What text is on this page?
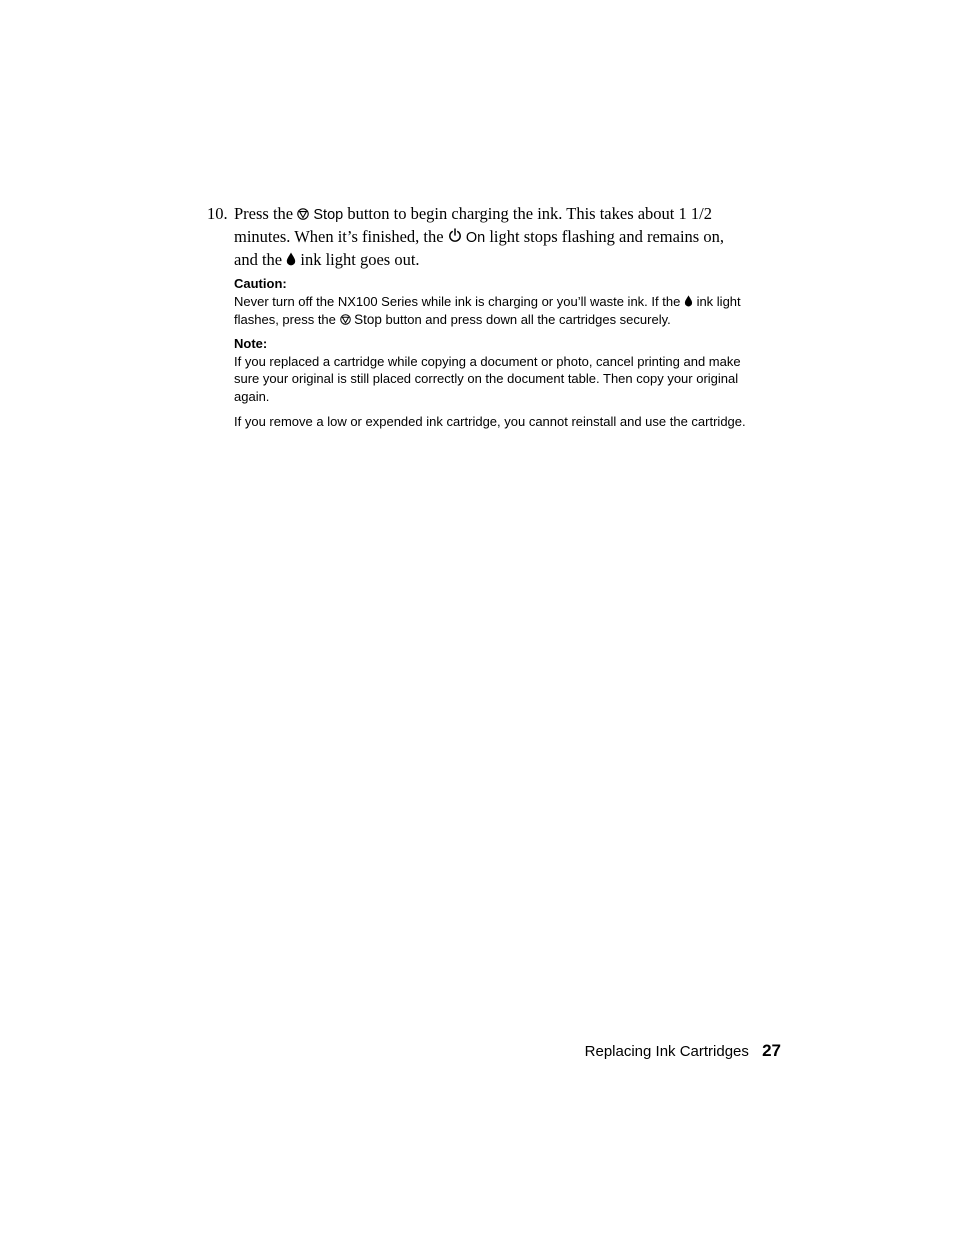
10. Press the Stop button to begin charging the ink. This takes about 1 1/2 minutes. When it’s finished, the On light stops flashing and remains on, and the ink light goes out.

Caution:

Never turn off the NX100 Series while ink is charging or you’ll waste ink. If the ink light flashes, press the Stop button and press down all the cartridges securely.

Note:

If you replaced a cartridge while copying a document or photo, cancel printing and make sure your original is still placed correctly on the document table. Then copy your original again.

If you remove a low or expended ink cartridge, you cannot reinstall and use the cartridge.

Replacing Ink Cartridges 27
